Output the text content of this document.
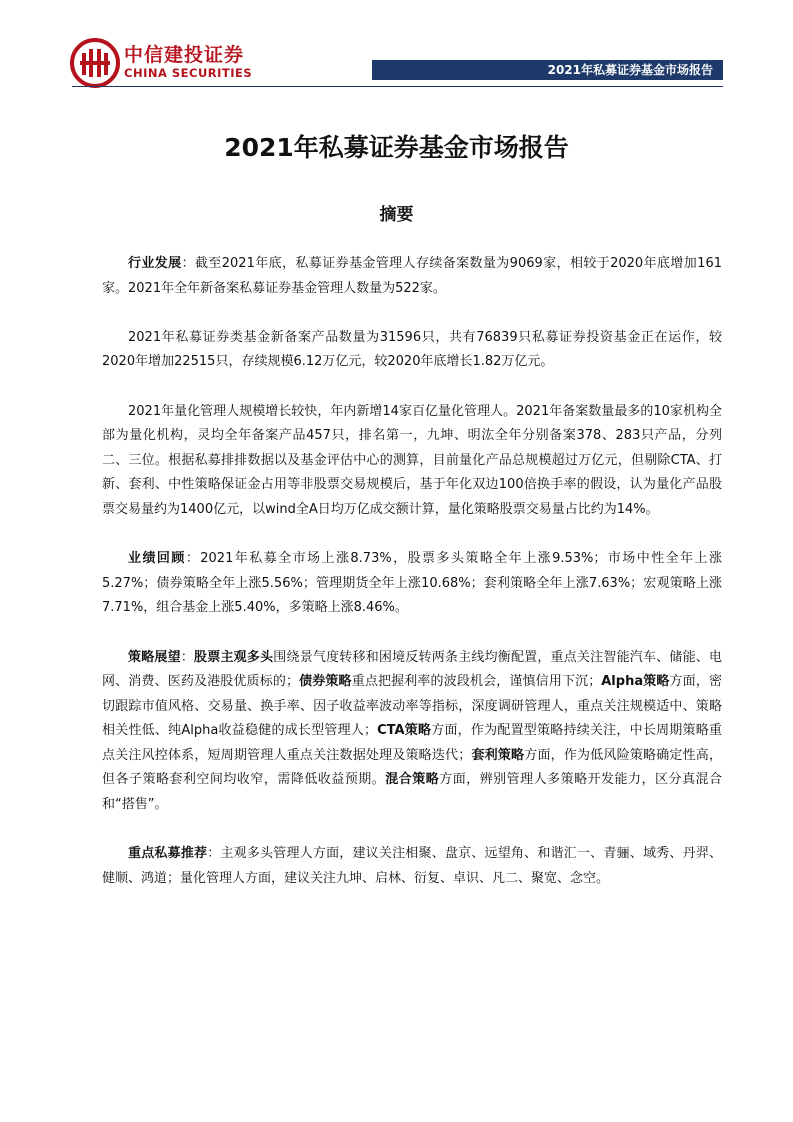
中信建投证券
CHINA SECURITIES	2021年私募证券基金市场报告
2021年私募证券基金市场报告
摘要

行业发展：截至2021年底，私募证券基金管理人存续备案数量为9069家，相较于2020年底增加161家。2021年全年新备案私募证券基金管理人数量为522家。

2021年私募证券类基金新备案产品数量为31596只，共有76839只私募证券投资基金正在运作，较2020年增加22515只，存续规模6.12万亿元，较2020年底增长1.82万亿元。

2021年量化管理人规模增长较快，年内新增14家百亿量化管理人。2021年备案数量最多的10家机构全部为量化机构，灵均全年备案产品457只，排名第一，九坤、明汯全年分别备案378、283只产品，分列二、三位。根据私募排排数据以及基金评估中心的测算，目前量化产品总规模超过万亿元，但剔除CTA、打新、套利、中性策略保证金占用等非股票交易规模后，基于年化双边100倍换手率的假设，认为量化产品股票交易量约为1400亿元，以wind全A日均万亿成交额计算，量化策略股票交易量占比约为14%。

业绩回顾：2021年私募全市场上涨8.73%，股票多头策略全年上涨9.53%；市场中性全年上涨5.27%；债券策略全年上涨5.56%；管理期货全年上涨10.68%；套利策略全年上涨7.63%；宏观策略上涨7.71%，组合基金上涨5.40%，多策略上涨8.46%。

策略展望：股票主观多头围绕景气度转移和困境反转两条主线均衡配置，重点关注智能汽车、储能、电网、消费、医药及港股优质标的；债券策略重点把握利率的波段机会，谨慎信用下沉；Alpha策略方面，密切跟踪市值风格、交易量、换手率、因子收益率波动率等指标，深度调研管理人，重点关注规模适中、策略相关性低、纯Alpha收益稳健的成长型管理人；CTA策略方面，作为配置型策略持续关注，中长周期策略重点关注风控体系，短周期管理人重点关注数据处理及策略迭代；套利策略方面，作为低风险策略确定性高，但各子策略套利空间均收窄，需降低收益预期。混合策略方面，辨别管理人多策略开发能力，区分真混合和“搭售”。

重点私募推荐：主观多头管理人方面，建议关注相聚、盘京、远望角、和谐汇一、青骊、域秀、丹羿、健顺、鸿道；量化管理人方面，建议关注九坤、启林、衍复、卓识、凡二、聚宽、念空。
